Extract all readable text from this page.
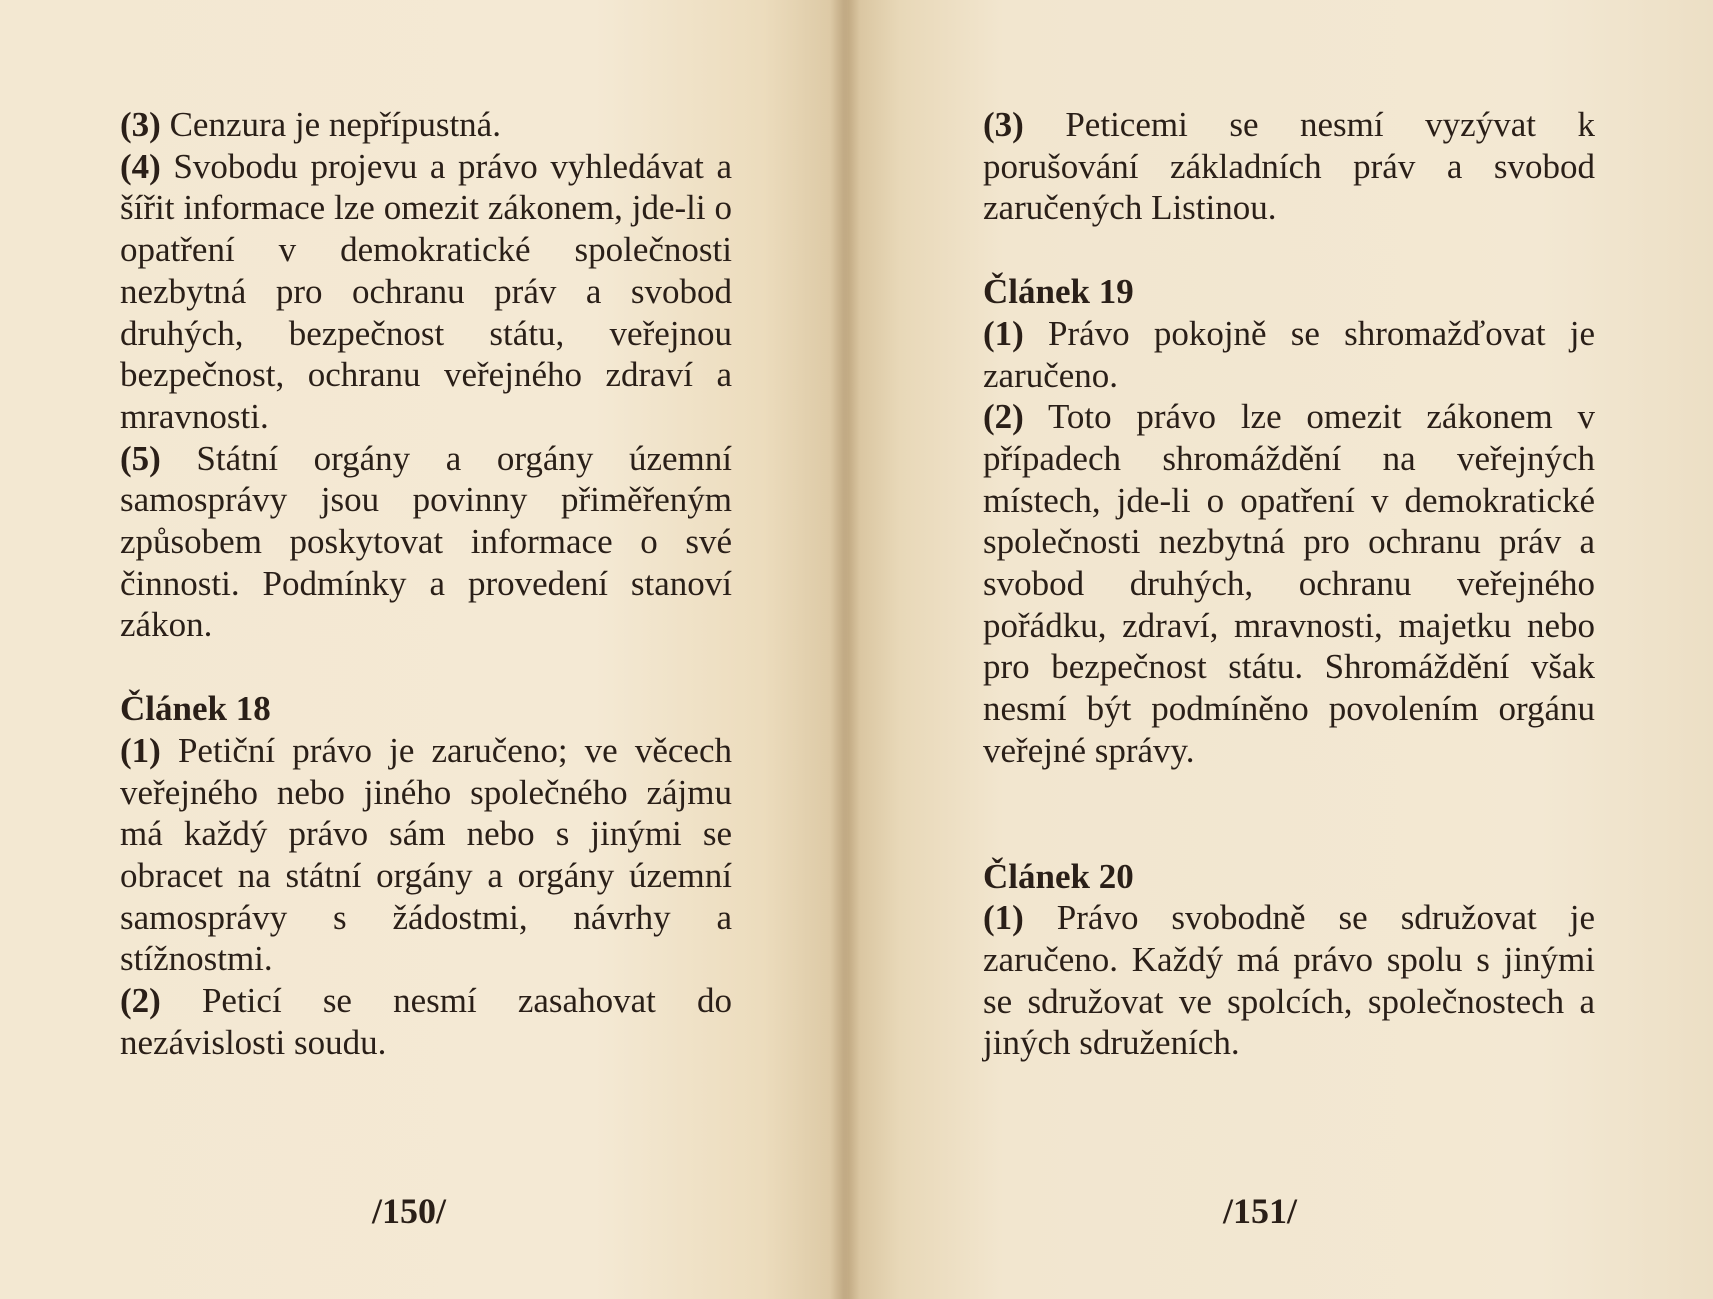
(3) Cenzura je nepřípustná.

(4) Svobodu projevu a právo vyhledávat a šířit informace lze omezit zákonem, jde-li o opatření v demokratické společnosti nezbytná pro ochranu práv a svobod druhých, bezpečnost státu, veřejnou bezpečnost, ochranu veřejného zdraví a mravnosti.

(5) Státní orgány a orgány územní samosprávy jsou povinny přiměřeným způsobem poskytovat informace o své činnosti. Podmínky a provedení stanoví zákon.

Článek 18

(1) Petiční právo je zaručeno; ve věcech veřejného nebo jiného společného zájmu má každý právo sám nebo s jinými se obracet na státní orgány a orgány územní samosprávy s žádostmi, návrhy a stížnostmi.

(2) Peticí se nesmí zasahovat do nezávislosti soudu.

/150/

(3) Peticemi se nesmí vyzývat k porušování základních práv a svobod zaručených Listinou.

Článek 19

(1) Právo pokojně se shromažďovat je zaručeno.

(2) Toto právo lze omezit zákonem v případech shromáždění na veřejných místech, jde-li o opatření v demokratické společnosti nezbytná pro ochranu práv a svobod druhých, ochranu veřejného pořádku, zdraví, mravnosti, majetku nebo pro bezpečnost státu. Shromáždění však nesmí být podmíněno povolením orgánu veřejné správy.

Článek 20

(1) Právo svobodně se sdružovat je zaručeno. Každý má právo spolu s jinými se sdružovat ve spolcích, společnostech a jiných sdruženích.

/151/
